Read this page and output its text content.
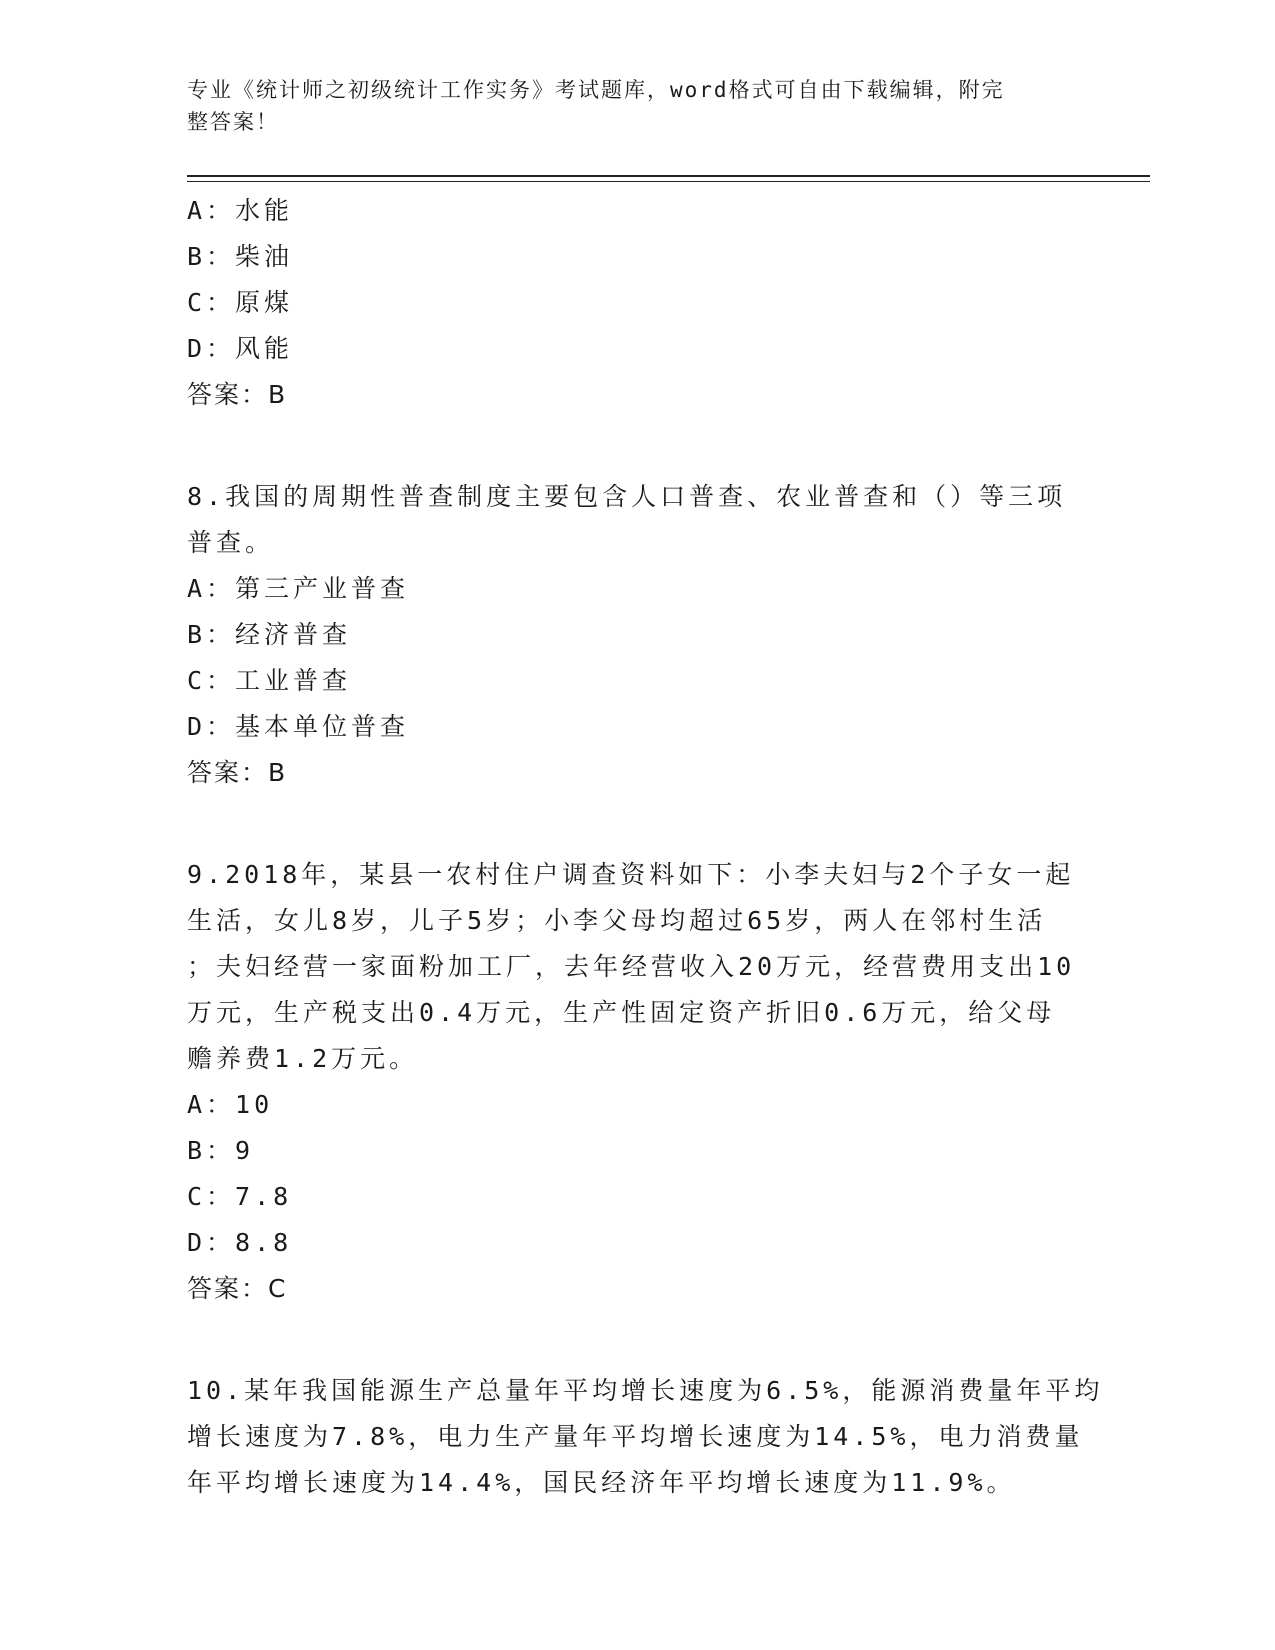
专业《统计师之初级统计工作实务》考试题库，word格式可自由下载编辑，附完
整答案！
A：水能
B：柴油
C：原煤
D：风能
答案：B
8.我国的周期性普查制度主要包含人口普查、农业普查和（）等三项
普查。
A：第三产业普查
B：经济普查
C：工业普查
D：基本单位普查
答案：B
9.2018年，某县一农村住户调查资料如下：小李夫妇与2个子女一起
生活，女儿8岁，儿子5岁；小李父母均超过65岁，两人在邻村生活
；夫妇经营一家面粉加工厂，去年经营收入20万元，经营费用支出10
万元，生产税支出0.4万元，生产性固定资产折旧0.6万元，给父母
赡养费1.2万元。
A：10
B：9
C：7.8
D：8.8
答案：C
10.某年我国能源生产总量年平均增长速度为6.5%，能源消费量年平均
增长速度为7.8%，电力生产量年平均增长速度为14.5%，电力消费量
年平均增长速度为14.4%，国民经济年平均增长速度为11.9%。
